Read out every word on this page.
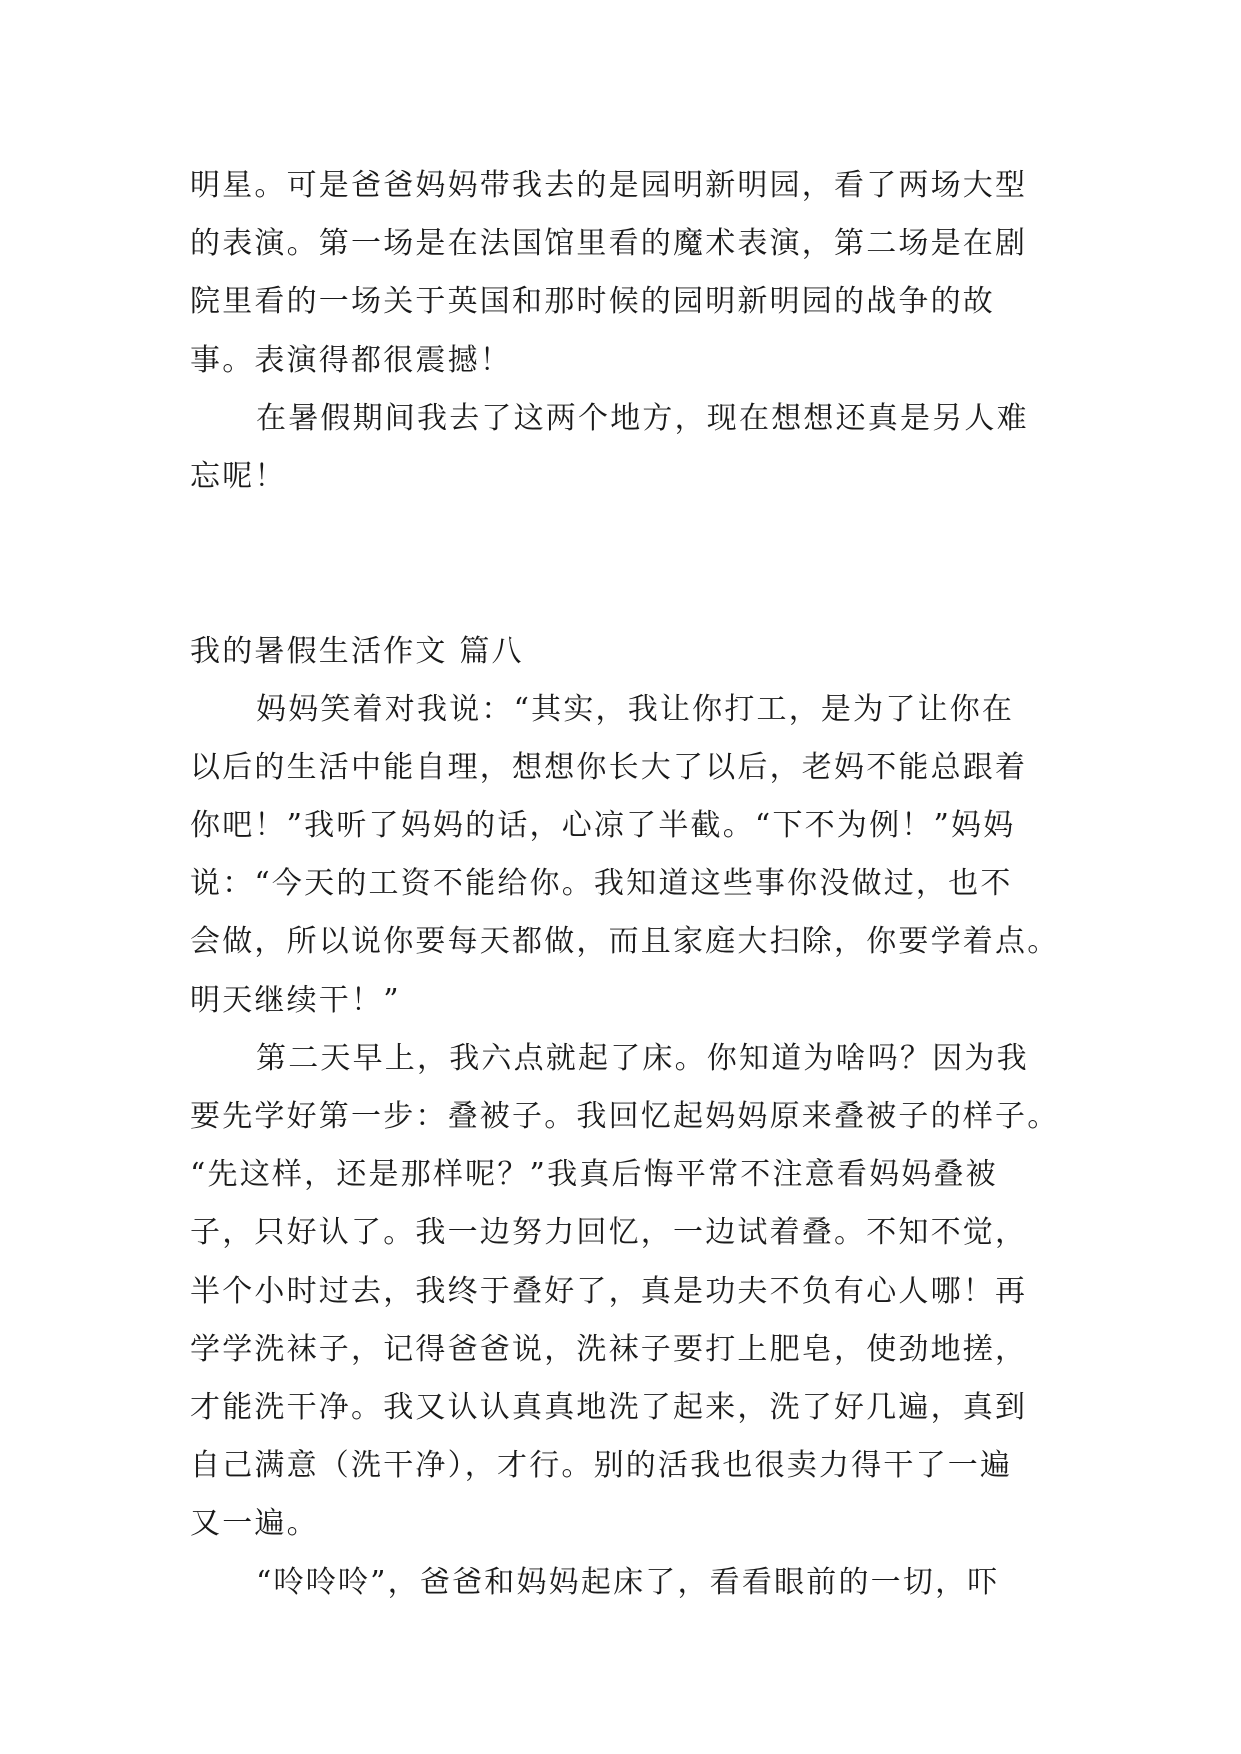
明星。可是爸爸妈妈带我去的是园明新明园，看了两场大型
的表演。第一场是在法国馆里看的魔术表演，第二场是在剧
院里看的一场关于英国和那时候的园明新明园的战争的故
事。表演得都很震撼！
在暑假期间我去了这两个地方，现在想想还真是另人难
忘呢！
我的暑假生活作文 篇八
妈妈笑着对我说：“其实，我让你打工，是为了让你在
以后的生活中能自理，想想你长大了以后，老妈不能总跟着
你吧！”我听了妈妈的话，心凉了半截。“下不为例！”妈妈
说：“今天的工资不能给你。我知道这些事你没做过，也不
会做，所以说你要每天都做，而且家庭大扫除，你要学着点。
明天继续干！”
第二天早上，我六点就起了床。你知道为啥吗？因为我
要先学好第一步：叠被子。我回忆起妈妈原来叠被子的样子。
“先这样，还是那样呢？”我真后悔平常不注意看妈妈叠被
子，只好认了。我一边努力回忆，一边试着叠。不知不觉，
半个小时过去，我终于叠好了，真是功夫不负有心人哪！再
学学洗袜子，记得爸爸说，洗袜子要打上肥皂，使劲地搓，
才能洗干净。我又认认真真地洗了起来，洗了好几遍，真到
自己满意（洗干净），才行。别的活我也很卖力得干了一遍
又一遍。
“呤呤呤”，爸爸和妈妈起床了，看看眼前的一切，吓
